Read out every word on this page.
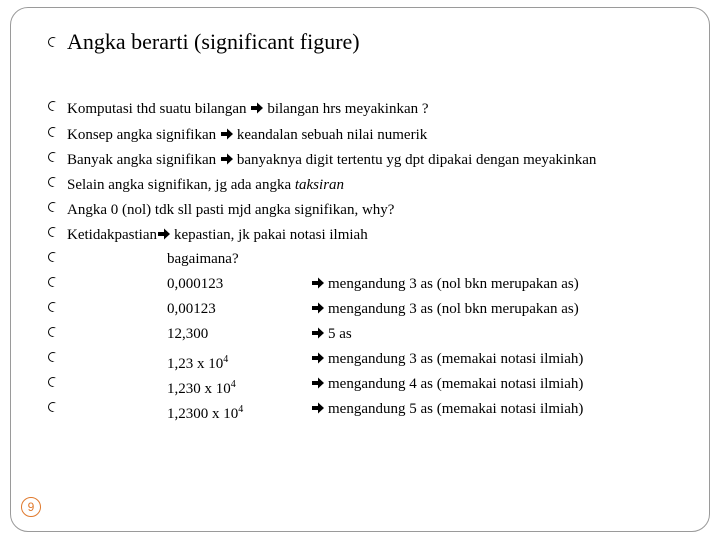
Angka berarti (significant figure)
Komputasi thd suatu bilangan bilangan hrs meyakinkan ?
Konsep angka signifikan keandalan sebuah nilai numerik
Banyak angka signifikan banyaknya digit tertentu yg dpt dipakai dengan meyakinkan
Selain angka signifikan, jg ada angka taksiran
Angka 0 (nol) tdk sll pasti mjd angka signifikan, why?
Ketidakpastian kepastian, jk pakai notasi ilmiah
bagaimana?
0,000123	mengandung 3 as (nol bkn merupakan as)
0,00123	mengandung 3 as (nol bkn merupakan as)
12,300	5 as
1,23 x $10^4$	mengandung 3 as (memakai notasi ilmiah)
1,230 x $10^4$	mengandung 4 as (memakai notasi ilmiah)
1,2300 x $10^4$	mengandung 5 as (memakai notasi ilmiah)
9
